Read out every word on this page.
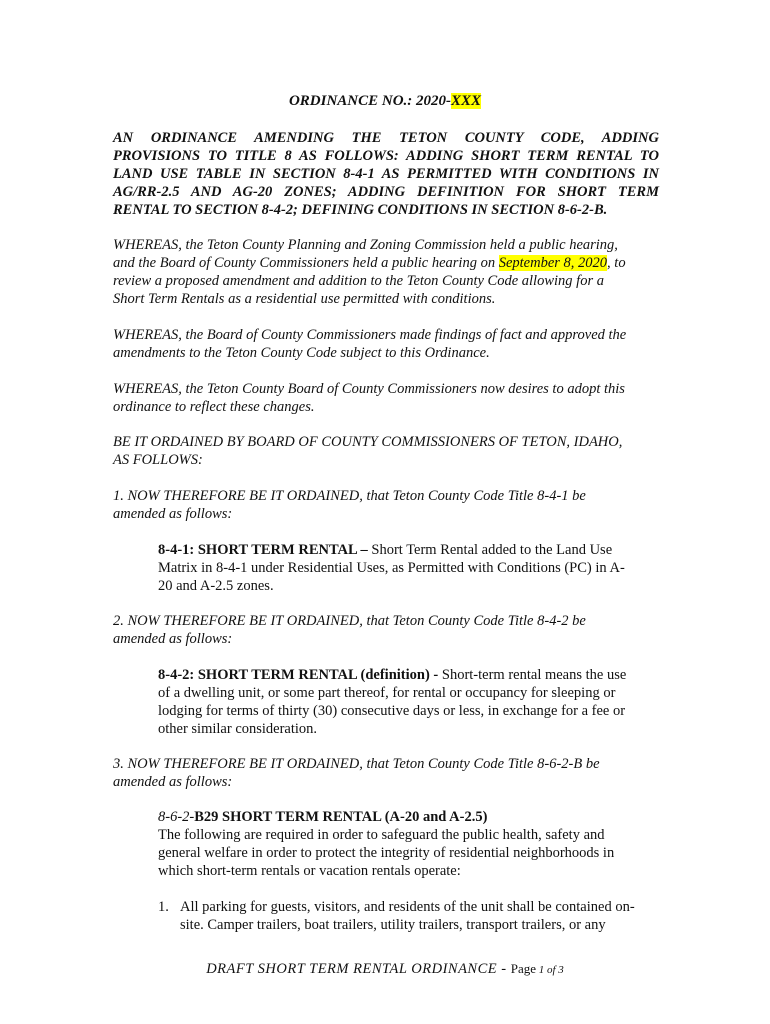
ORDINANCE NO.: 2020-XXX
AN ORDINANCE AMENDING THE TETON COUNTY CODE, ADDING
PROVISIONS TO TITLE 8 AS FOLLOWS: ADDING SHORT TERM RENTAL TO
LAND USE TABLE IN SECTION 8-4-1 AS PERMITTED WITH CONDITIONS IN
AG/RR-2.5 AND AG-20 ZONES; ADDING DEFINITION FOR SHORT TERM
RENTAL TO SECTION 8-4-2; DEFINING CONDITIONS IN SECTION 8-6-2-B.
WHEREAS, the Teton County Planning and Zoning Commission held a public hearing,
and the Board of County Commissioners held a public hearing on September 8, 2020, to
review a proposed amendment and addition to the Teton County Code allowing for a
Short Term Rentals as a residential use permitted with conditions.
WHEREAS, the Board of County Commissioners made findings of fact and approved the
amendments to the Teton County Code subject to this Ordinance.
WHEREAS, the Teton County Board of County Commissioners now desires to adopt this
ordinance to reflect these changes.
BE IT ORDAINED BY BOARD OF COUNTY COMMISSIONERS OF TETON, IDAHO,
AS FOLLOWS:
1. NOW THEREFORE BE IT ORDAINED, that Teton County Code Title 8-4-1 be
amended as follows:
8-4-1: SHORT TERM RENTAL – Short Term Rental added to the Land Use
Matrix in 8-4-1 under Residential Uses, as Permitted with Conditions (PC) in A-
20 and A-2.5 zones.
2. NOW THEREFORE BE IT ORDAINED, that Teton County Code Title 8-4-2 be
amended as follows:
8-4-2: SHORT TERM RENTAL (definition) - Short-term rental means the use
of a dwelling unit, or some part thereof, for rental or occupancy for sleeping or
lodging for terms of thirty (30) consecutive days or less, in exchange for a fee or
other similar consideration.
3. NOW THEREFORE BE IT ORDAINED, that Teton County Code Title 8-6-2-B be
amended as follows:
8-6-2-B29 SHORT TERM RENTAL (A-20 and A-2.5)
The following are required in order to safeguard the public health, safety and
general welfare in order to protect the integrity of residential neighborhoods in
which short-term rentals or vacation rentals operate:
1. All parking for guests, visitors, and residents of the unit shall be contained on-
site. Camper trailers, boat trailers, utility trailers, transport trailers, or any
DRAFT SHORT TERM RENTAL ORDINANCE - Page 1 of 3
